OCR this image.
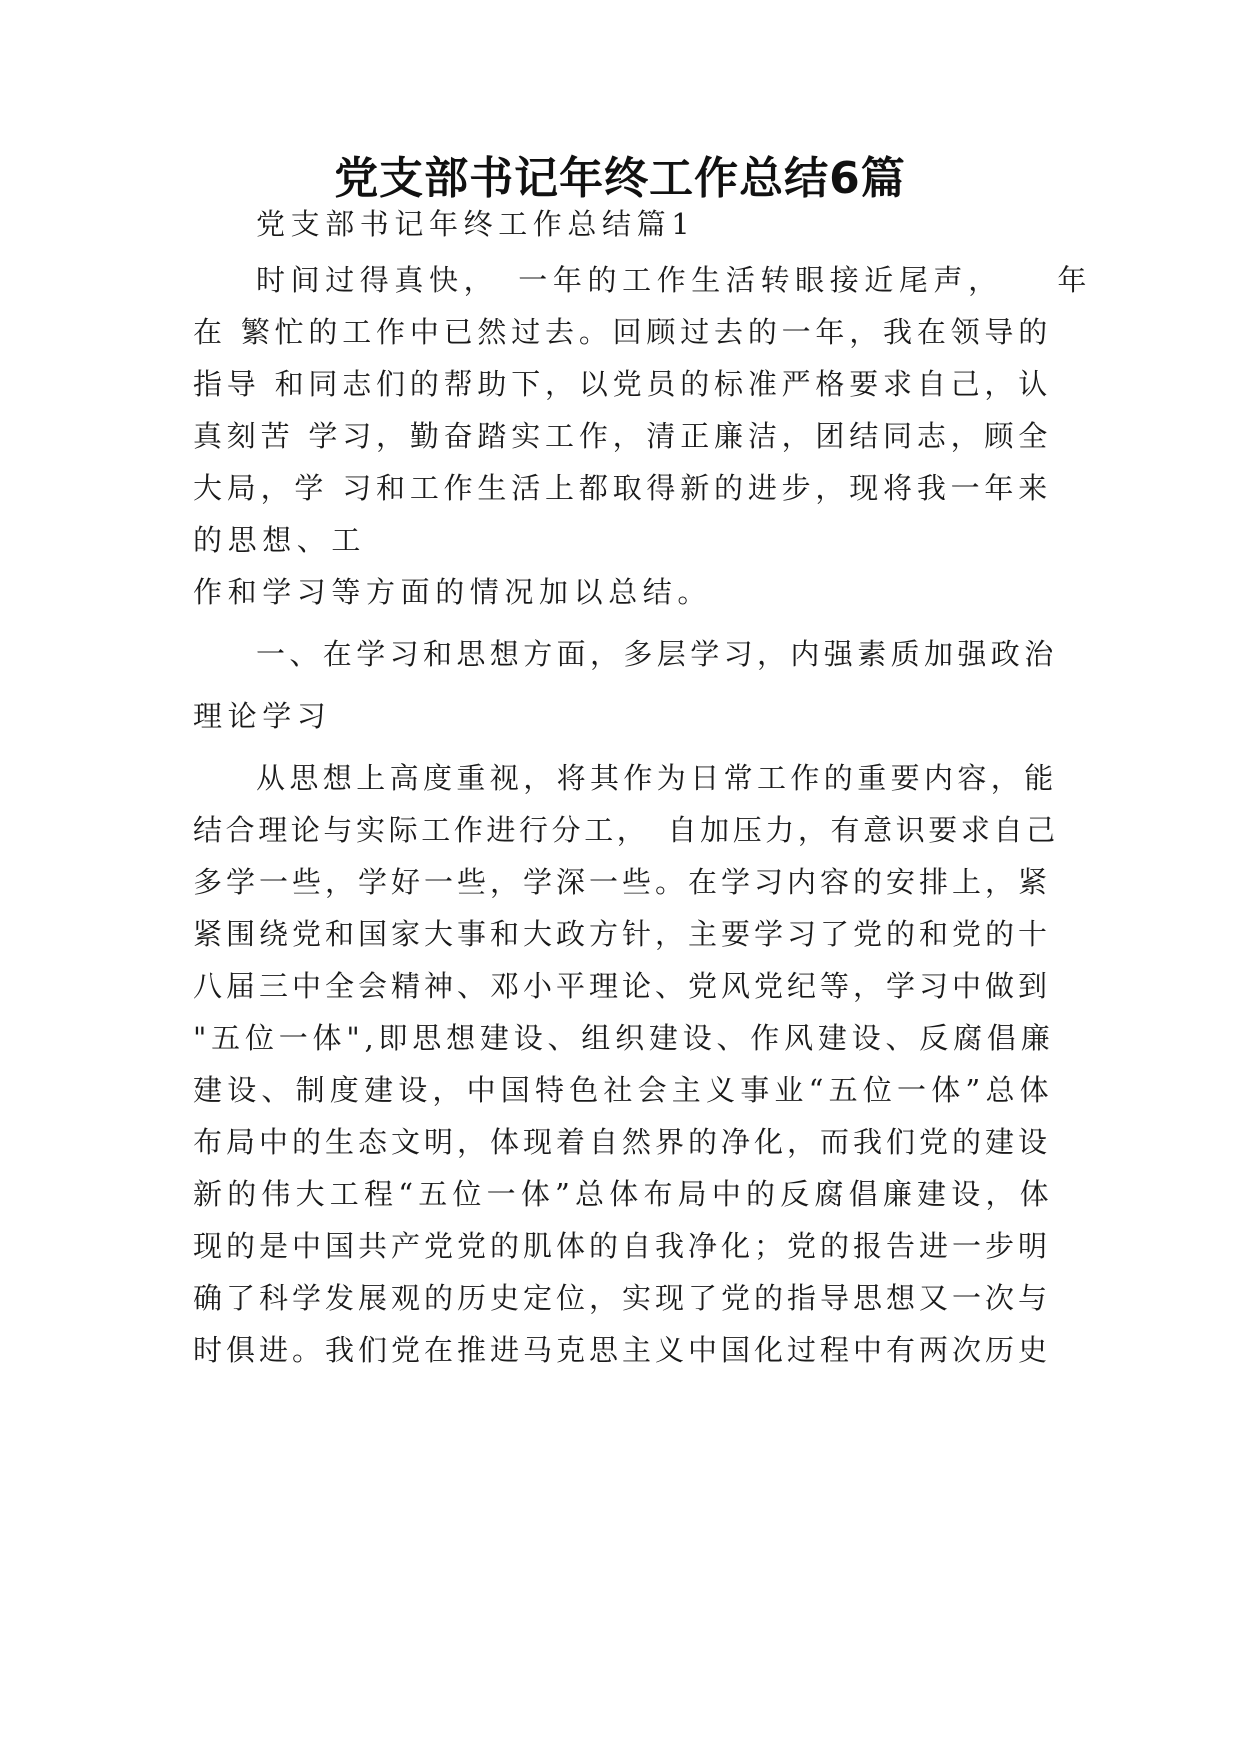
党支部书记年终工作总结6篇
党支部书记年终工作总结篇1
时间过得真快，　一年的工作生活转眼接近尾声，　　年
在 繁忙的工作中已然过去。回顾过去的一年，我在领导的
指导 和同志们的帮助下，以党员的标准严格要求自己，认
真刻苦 学习，勤奋踏实工作，清正廉洁，团结同志，顾全
大局，学 习和工作生活上都取得新的进步，现将我一年来
的思想、工
作和学习等方面的情况加以总结。
一、在学习和思想方面，多层学习，内强素质加强政治
理论学习
从思想上高度重视，将其作为日常工作的重要内容，能
结合理论与实际工作进行分工，　自加压力，有意识要求自己
多学一些，学好一些，学深一些。在学习内容的安排上，紧
紧围绕党和国家大事和大政方针，主要学习了党的和党的十
八届三中全会精神、邓小平理论、党风党纪等，学习中做到
"五位一体",即思想建设、组织建设、作风建设、反腐倡廉
建设、制度建设，中国特色社会主义事业“五位一体”总体
布局中的生态文明，体现着自然界的净化，而我们党的建设
新的伟大工程“五位一体”总体布局中的反腐倡廉建设，体
现的是中国共产党党的肌体的自我净化；党的报告进一步明
确了科学发展观的历史定位，实现了党的指导思想又一次与
时俱进。我们党在推进马克思主义中国化过程中有两次历史
